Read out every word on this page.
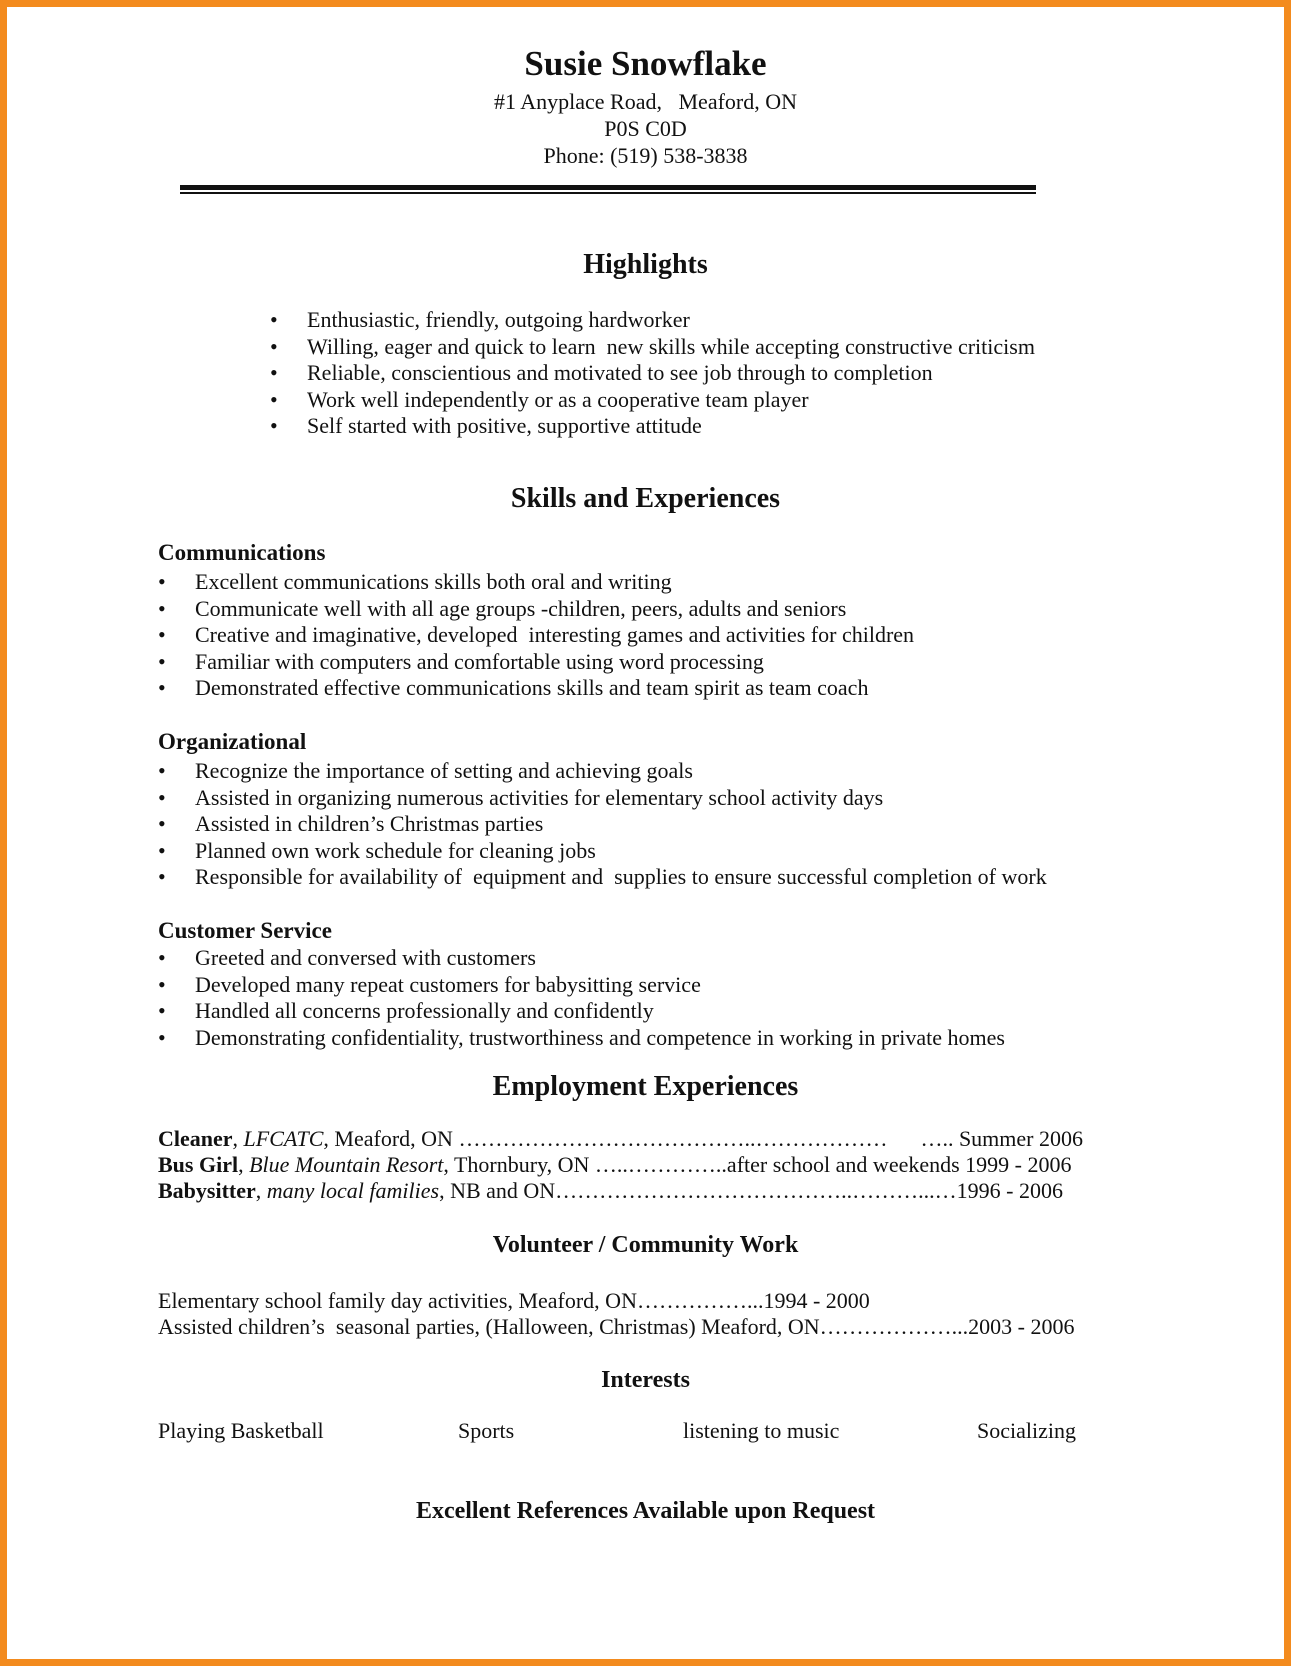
Susie Snowflake
#1 Anyplace Road,   Meaford, ON
P0S C0D
Phone: (519) 538-3838
Highlights
• Enthusiastic, friendly, outgoing hardworker
• Willing, eager and quick to learn  new skills while accepting constructive criticism
• Reliable, conscientious and motivated to see job through to completion
• Work well independently or as a cooperative team player
• Self started with positive, supportive attitude
Skills and Experiences
Communications
• Excellent communications skills both oral and writing
• Communicate well with all age groups -children, peers, adults and seniors
• Creative and imaginative, developed  interesting games and activities for children
• Familiar with computers and comfortable using word processing
• Demonstrated effective communications skills and team spirit as team coach
Organizational
• Recognize the importance of setting and achieving goals
• Assisted in organizing numerous activities for elementary school activity days
• Assisted in children’s Christmas parties
• Planned own work schedule for cleaning jobs
• Responsible for availability of  equipment and  supplies to ensure successful completion of work
Customer Service
• Greeted and conversed with customers
• Developed many repeat customers for babysitting service
• Handled all concerns professionally and confidently
• Demonstrating confidentiality, trustworthiness and competence in working in private homes
Employment Experiences
Cleaner, LFCATC, Meaford, ON …………………………………..………………      ….. Summer 2006
Bus Girl, Blue Mountain Resort, Thornbury, ON …..…………..after school and weekends 1999 - 2006
Babysitter, many local families, NB and ON…………………………………..………...…1996 - 2006
Volunteer / Community Work
Elementary school family day activities, Meaford, ON……………...1994 - 2000
Assisted children’s  seasonal parties, (Halloween, Christmas) Meaford, ON………………...2003 - 2006
Interests
Playing Basketball	Sports	listening to music	Socializing
Excellent References Available upon Request
